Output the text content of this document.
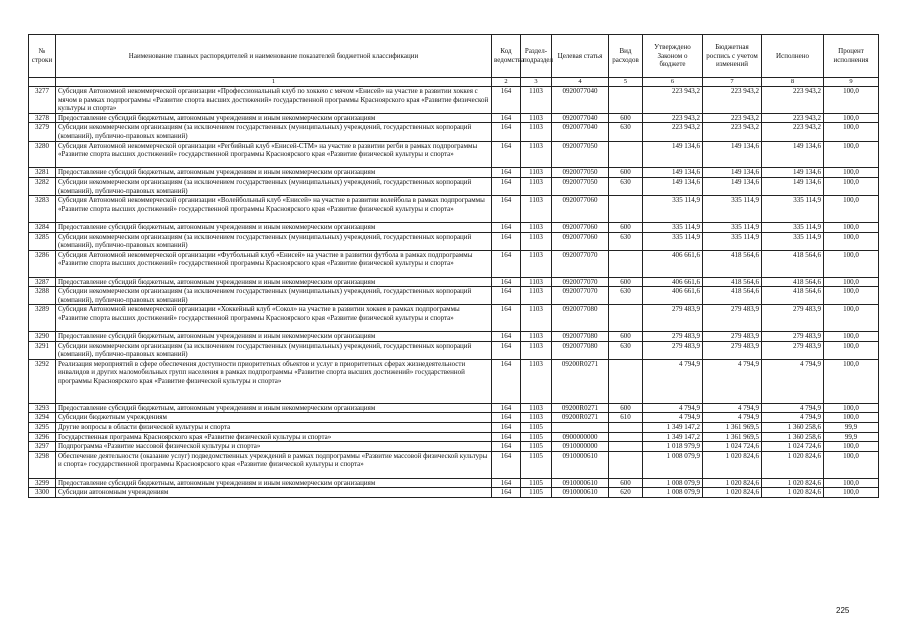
№ строки	Наименование главных распорядителей и наименование показателей бюджетной классификации	Код ведомства	Раздел-подраздел	Целевая статья	Вид расходов	Утверждено Законом о бюджете	Бюджетная роспись с учетом изменений	Исполнено	Процент исполнения
	1	2	3	4	5	6	7	8	9
3277	Субсидия Автономной некоммерческой организации «Профессиональный клуб по хоккею с мячом «Енисей» на участие в развитии хоккея с мячом в рамках подпрограммы «Развитие спорта высших достижений» государственной программы Красноярского края «Развитие физической культуры и спорта»	164	1103	0920077040		223 943,2	223 943,2	223 943,2	100,0
3278	Предоставление субсидий бюджетным, автономным учреждениям и иным некоммерческим организациям	164	1103	0920077040	600	223 943,2	223 943,2	223 943,2	100,0
3279	Субсидии некоммерческим организациям (за исключением государственных (муниципальных) учреждений, государственных корпораций (компаний), публично-правовых компаний)	164	1103	0920077040	630	223 943,2	223 943,2	223 943,2	100,0
3280	Субсидия Автономной некоммерческой организации «Регбийный клуб «Енисей-СТМ» на участие в развитии регби в рамках подпрограммы «Развитие спорта высших достижений» государственной программы Красноярского края «Развитие физической культуры и спорта»	164	1103	0920077050		149 134,6	149 134,6	149 134,6	100,0
3281	Предоставление субсидий бюджетным, автономным учреждениям и иным некоммерческим организациям	164	1103	0920077050	600	149 134,6	149 134,6	149 134,6	100,0
3282	Субсидии некоммерческим организациям (за исключением государственных (муниципальных) учреждений, государственных корпораций (компаний), публично-правовых компаний)	164	1103	0920077050	630	149 134,6	149 134,6	149 134,6	100,0
3283	Субсидия Автономной некоммерческой организации «Волейбольный клуб «Енисей» на участие в развитии волейбола в рамках подпрограммы «Развитие спорта высших достижений» государственной программы Красноярского края «Развитие физической культуры и спорта»	164	1103	0920077060		335 114,9	335 114,9	335 114,9	100,0
3284	Предоставление субсидий бюджетным, автономным учреждениям и иным некоммерческим организациям	164	1103	0920077060	600	335 114,9	335 114,9	335 114,9	100,0
3285	Субсидии некоммерческим организациям (за исключением государственных (муниципальных) учреждений, государственных корпораций (компаний), публично-правовых компаний)	164	1103	0920077060	630	335 114,9	335 114,9	335 114,9	100,0
3286	Субсидия Автономной некоммерческой организации «Футбольный клуб «Енисей» на участие в развитии футбола в рамках подпрограммы «Развитие спорта высших достижений» государственной программы Красноярского края «Развитие физической культуры и спорта»	164	1103	0920077070		406 661,6	418 564,6	418 564,6	100,0
3287	Предоставление субсидий бюджетным, автономным учреждениям и иным некоммерческим организациям	164	1103	0920077070	600	406 661,6	418 564,6	418 564,6	100,0
3288	Субсидии некоммерческим организациям (за исключением государственных (муниципальных) учреждений, государственных корпораций (компаний), публично-правовых компаний)	164	1103	0920077070	630	406 661,6	418 564,6	418 564,6	100,0
3289	Субсидия Автономной некоммерческой организации «Хоккейный клуб «Сокол» на участие в развитии хоккея в рамках подпрограммы «Развитие спорта высших достижений» государственной программы Красноярского края «Развитие физической культуры и спорта»	164	1103	0920077080		279 483,9	279 483,9	279 483,9	100,0
3290	Предоставление субсидий бюджетным, автономным учреждениям и иным некоммерческим организациям	164	1103	0920077080	600	279 483,9	279 483,9	279 483,9	100,0
3291	Субсидии некоммерческим организациям (за исключением государственных (муниципальных) учреждений, государственных корпораций (компаний), публично-правовых компаний)	164	1103	0920077080	630	279 483,9	279 483,9	279 483,9	100,0
3292	Реализация мероприятий в сфере обеспечения доступности приоритетных объектов и услуг в приоритетных сферах жизнедеятельности инвалидов и других маломобильных групп населения в рамках подпрограммы «Развитие спорта высших достижений» государственной программы Красноярского края «Развитие физической культуры и спорта»	164	1103	09200R0271		4 794,9	4 794,9	4 794,9	100,0
3293	Предоставление субсидий бюджетным, автономным учреждениям и иным некоммерческим организациям	164	1103	09200R0271	600	4 794,9	4 794,9	4 794,9	100,0
3294	Субсидии бюджетным учреждениям	164	1103	09200R0271	610	4 794,9	4 794,9	4 794,9	100,0
3295	Другие вопросы в области физической культуры и спорта	164	1105			1 349 147,2	1 361 969,5	1 360 258,6	99,9
3296	Государственная программа Красноярского края «Развитие физической культуры и спорта»	164	1105	0900000000		1 349 147,2	1 361 969,5	1 360 258,6	99,9
3297	Подпрограмма «Развитие массовой физической культуры и спорта»	164	1105	0910000000		1 018 979,9	1 024 724,6	1 024 724,6	100,0
3298	Обеспечение деятельности (оказание услуг) подведомственных учреждений в рамках подпрограммы «Развитие массовой физической культуры и спорта» государственной программы Красноярского края «Развитие физической культуры и спорта»	164	1105	0910000610		1 008 079,9	1 020 824,6	1 020 824,6	100,0
3299	Предоставление субсидий бюджетным, автономным учреждениям и иным некоммерческим организациям	164	1105	0910000610	600	1 008 079,9	1 020 824,6	1 020 824,6	100,0
3300	Субсидии автономным учреждениям	164	1105	0910000610	620	1 008 079,9	1 020 824,6	1 020 824,6	100,0
225
